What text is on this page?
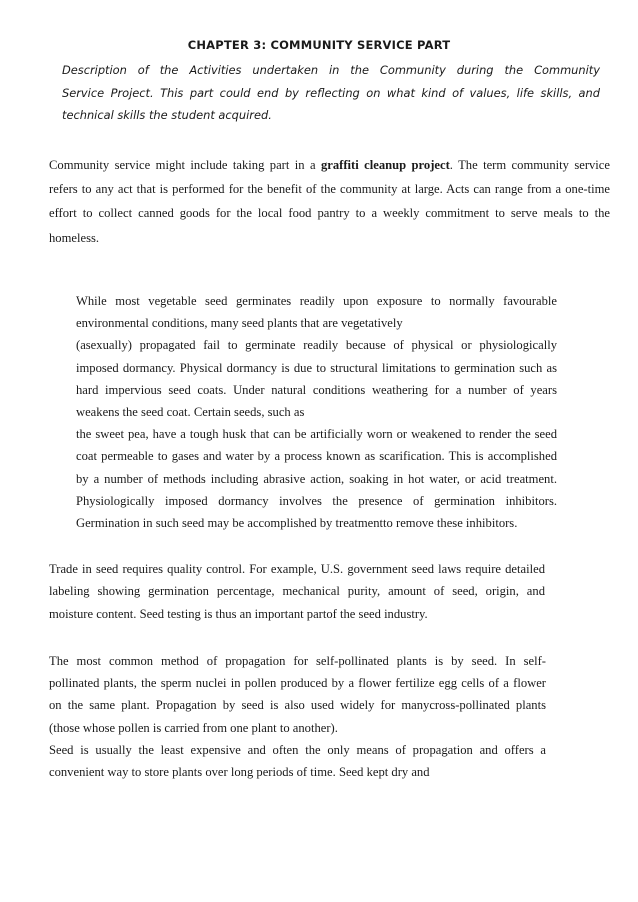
CHAPTER 3: COMMUNITY SERVICE PART
Description of the Activities undertaken in the Community during the Community
Service Project. This part could end by reflecting on what kind of values, life skills, and
technical skills the student acquired.
Community service might include taking part in a graffiti cleanup project. The term community service
refers to any act that is performed for the benefit of the community at large. Acts can range from a one-time
effort to collect canned goods for the local food pantry to a weekly commitment to serve meals to the
homeless.
While most vegetable seed germinates readily upon exposure to normally favourable
environmental conditions, many seed plants that are vegetatively
(asexually) propagated fail to germinate readily because of physical or physiologically
imposed dormancy. Physical dormancy is due to structural limitations to germination such as
hard impervious seed coats. Under natural conditions weathering for a number of years
weakens the seed coat. Certain seeds, such as
the sweet pea, have a tough husk that can be artificially worn or weakened to render the seed
coat permeable to gases and water by a process known as scarification. This is accomplished
by a number of methods including abrasive action, soaking in hot water, or acid treatment.
Physiologically imposed dormancy involves the presence of germination inhibitors.
Germination in such seed may be accomplished by treatmentto remove these inhibitors.
Trade in seed requires quality control. For example, U.S. government seed laws require detailed
labeling showing germination percentage, mechanical purity, amount of seed, origin, and
moisture content. Seed testing is thus an important partof the seed industry.
The most common method of propagation for self-pollinated plants is by seed. In self-
pollinated plants, the sperm nuclei in pollen produced by a flower fertilize egg cells of a flower
on the same plant. Propagation by seed is also used widely for manycross-pollinated plants
(those whose pollen is carried from one plant to another).
Seed is usually the least expensive and often the only means of propagation and offers a
convenient way to store plants over long periods of time. Seed kept dry and
